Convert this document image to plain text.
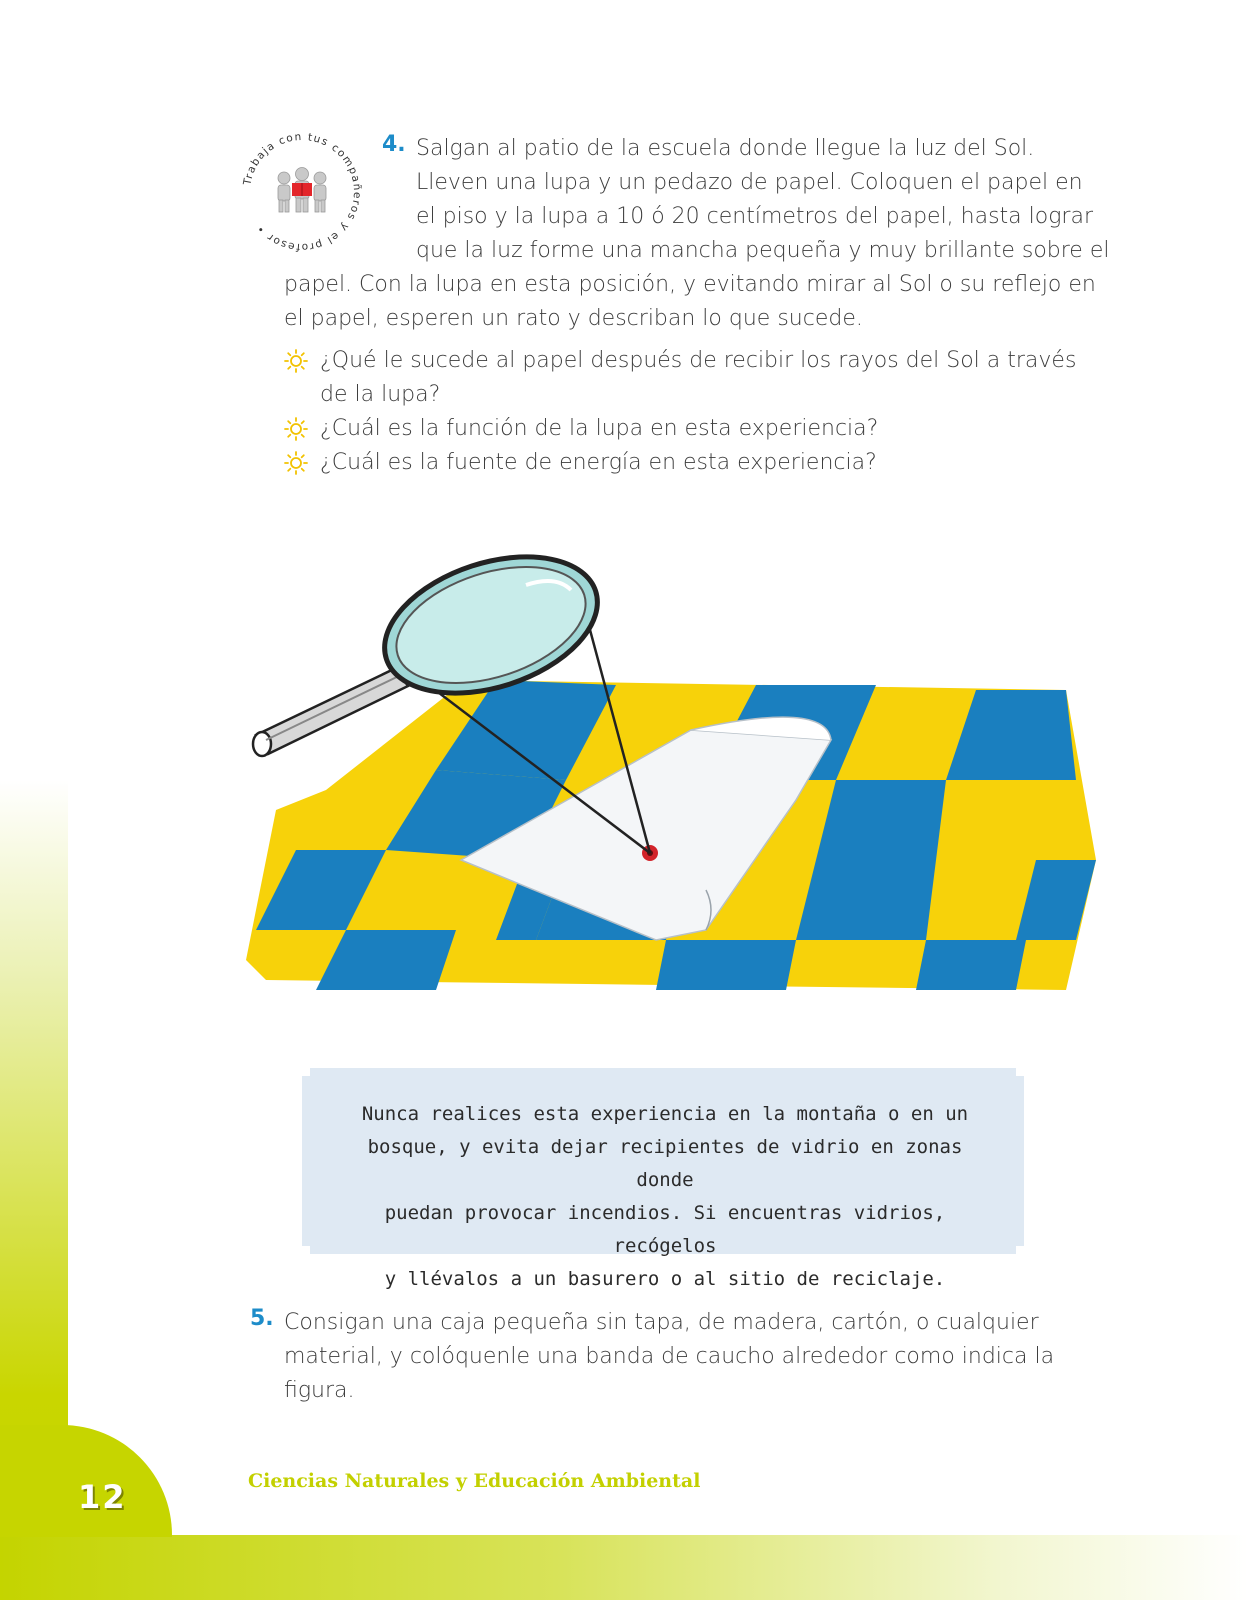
12	Ciencias Naturales y Educación Ambiental
Trabaja con tus compañeros y el profesor •
4. Salgan al patio de la escuela donde llegue la luz del Sol.
Lleven una lupa y un pedazo de papel. Coloquen el papel en
el piso y la lupa a 10 ó 20 centímetros del papel, hasta lograr
que la luz forme una mancha pequeña y muy brillante sobre el
papel. Con la lupa en esta posición, y evitando mirar al Sol o su reflejo en
el papel, esperen un rato y describan lo que sucede.
¿Qué le sucede al papel después de recibir los rayos del Sol a través de la lupa?
¿Cuál es la función de la lupa en esta experiencia?
¿Cuál es la fuente de energía en esta experiencia?
Nunca realices esta experiencia en la montaña o en un
bosque, y evita dejar recipientes de vidrio en zonas donde
puedan provocar incendios. Si encuentras vidrios, recógelos
y llévalos a un basurero o al sitio de reciclaje.
5. Consigan una caja pequeña sin tapa, de madera, cartón, o cualquier material, y colóquenle una banda de caucho alrededor como indica la figura.
